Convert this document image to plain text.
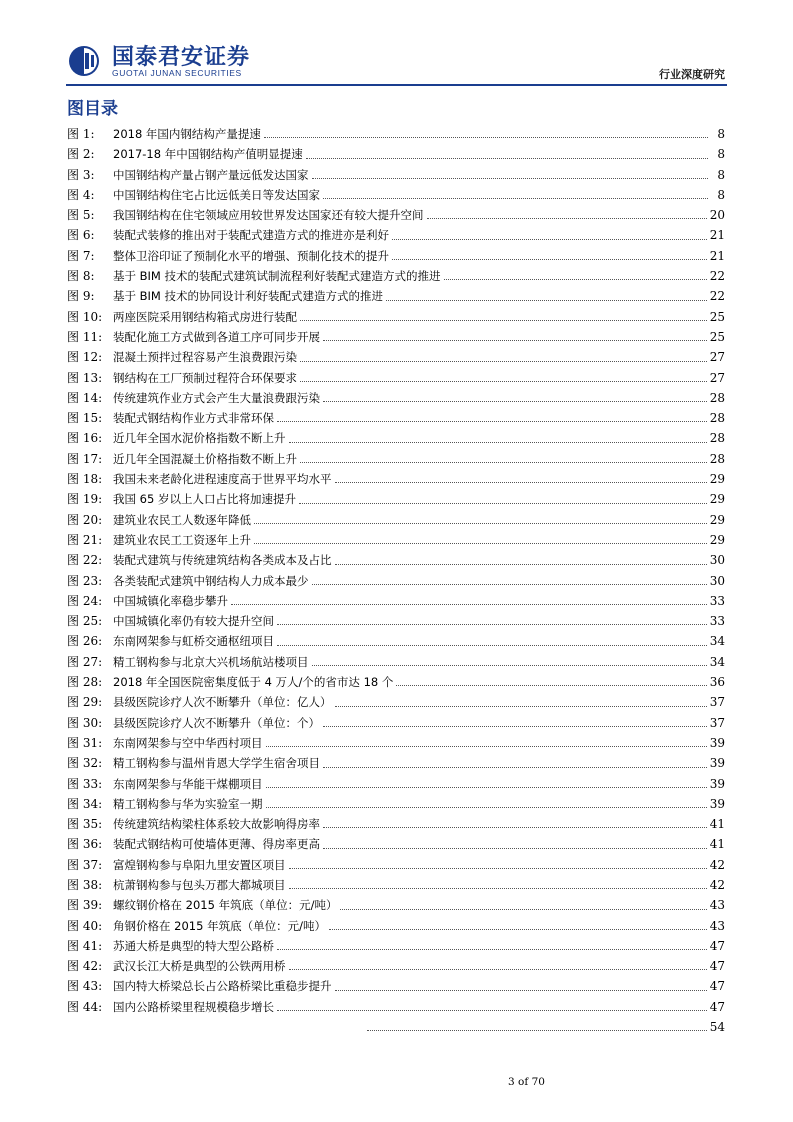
国泰君安证券
GUOTAI JUNAN SECURITIES	行业深度研究
图目录
图 1:	2018 年国内钢结构产量提速	8
图 2:	2017-18 年中国钢结构产值明显提速	8
图 3:	中国钢结构产量占钢产量远低发达国家	8
图 4:	中国钢结构住宅占比远低美日等发达国家	8
图 5:	我国钢结构在住宅领域应用较世界发达国家还有较大提升空间	20
图 6:	装配式装修的推出对于装配式建造方式的推进亦是利好	21
图 7:	整体卫浴印证了预制化水平的增强、预制化技术的提升	21
图 8:	基于 BIM 技术的装配式建筑试制流程利好装配式建造方式的推进	22
图 9:	基于 BIM 技术的协同设计利好装配式建造方式的推进	22
图 10: 两座医院采用钢结构箱式房进行装配	25
图 11: 装配化施工方式做到各道工序可同步开展	25
图 12: 混凝土预拌过程容易产生浪费跟污染	27
图 13: 钢结构在工厂预制过程符合环保要求	27
图 14: 传统建筑作业方式会产生大量浪费跟污染	28
图 15: 装配式钢结构作业方式非常环保	28
图 16: 近几年全国水泥价格指数不断上升	28
图 17: 近几年全国混凝土价格指数不断上升	28
图 18: 我国未来老龄化进程速度高于世界平均水平	29
图 19: 我国 65 岁以上人口占比将加速提升	29
图 20: 建筑业农民工人数逐年降低	29
图 21: 建筑业农民工工资逐年上升	29
图 22: 装配式建筑与传统建筑结构各类成本及占比	30
图 23: 各类装配式建筑中钢结构人力成本最少	30
图 24: 中国城镇化率稳步攀升	33
图 25: 中国城镇化率仍有较大提升空间	33
图 26: 东南网架参与虹桥交通枢纽项目	34
图 27: 精工钢构参与北京大兴机场航站楼项目	34
图 28: 2018 年全国医院密集度低于 4 万人/个的省市达 18 个	36
图 29: 县级医院诊疗人次不断攀升（单位：亿人）	37
图 30: 县级医院诊疗人次不断攀升（单位：个）	37
图 31: 东南网架参与空中华西村项目	39
图 32: 精工钢构参与温州肯恩大学学生宿舍项目	39
图 33: 东南网架参与华能干煤棚项目	39
图 34: 精工钢构参与华为实验室一期	39
图 35: 传统建筑结构梁柱体系较大故影响得房率	41
图 36: 装配式钢结构可使墙体更薄、得房率更高	41
图 37: 富煌钢构参与阜阳九里安置区项目	42
图 38: 杭萧钢构参与包头万郡大都城项目	42
图 39: 螺纹钢价格在 2015 年筑底（单位：元/吨）	43
图 40: 角钢价格在 2015 年筑底（单位：元/吨）	43
图 41: 苏通大桥是典型的特大型公路桥	47
图 42: 武汉长江大桥是典型的公铁两用桥	47
图 43: 国内特大桥梁总长占公路桥梁比重稳步提升	47
图 44: 国内公路桥梁里程规模稳步增长	47
54
3 of 70
